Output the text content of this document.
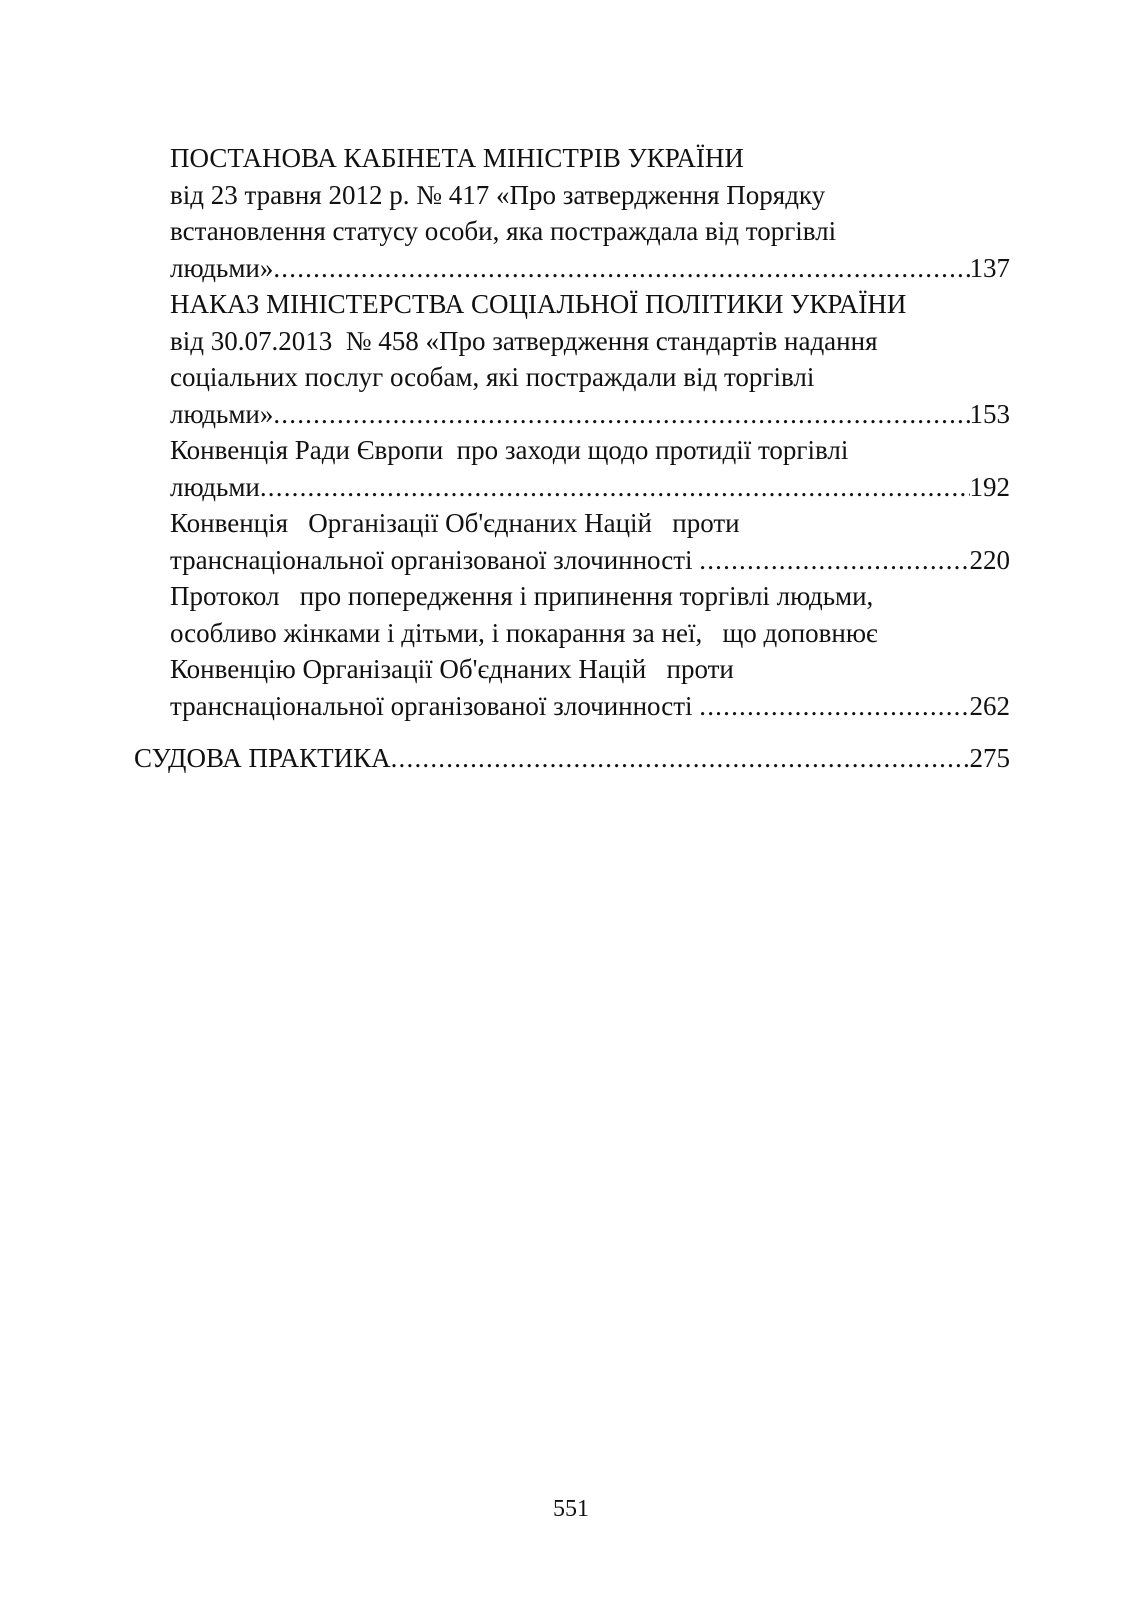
ПОСТАНОВА КАБІНЕТА МІНІСТРІВ УКРАЇНИ
від 23 травня 2012 р. № 417 «Про затвердження Порядку
встановлення статусу особи, яка постраждала від торгівлі
людьми» .....	137
НАКАЗ МІНІСТЕРСТВА СОЦІАЛЬНОЇ ПОЛІТИКИ УКРАЇНИ
від 30.07.2013  № 458 «Про затвердження стандартів надання
соціальних послуг особам, які постраждали від торгівлі
людьми» .....	153
Конвенція Ради Європи  про заходи щодо протидії торгівлі
людьми .....	192
Конвенція   Організації Об'єднаних Націй   проти
транснаціональної організованої злочинності .....	220
Протокол   про попередження і припинення торгівлі людьми,
особливо жінками і дітьми, і покарання за неї,   що доповнює
Конвенцію Організації Об'єднаних Націй   проти
транснаціональної організованої злочинності .....	262
СУДОВА ПРАКТИКА .....	275
551
